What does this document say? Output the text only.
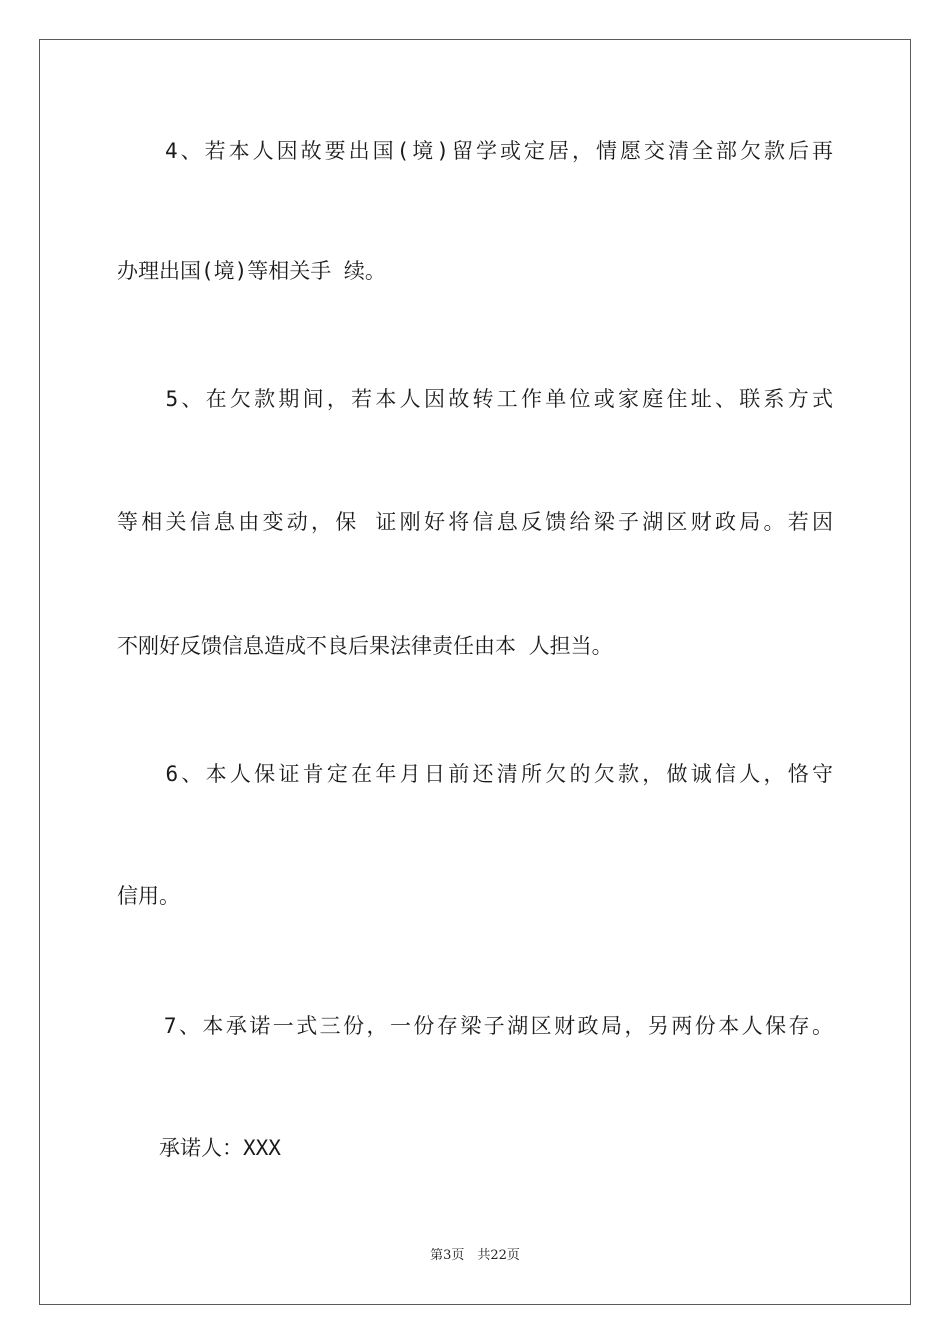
　　4、若本人因故要出国(境)留学或定居，情愿交清全部欠款后再
办理出国(境)等相关手 续。
　　5、在欠款期间，若本人因故转工作单位或家庭住址、联系方式
等相关信息由变动，保 证刚好将信息反馈给梁子湖区财政局。若因
不刚好反馈信息造成不良后果法律责任由本 人担当。
　　6、本人保证肯定在年月日前还清所欠的欠款，做诚信人，恪守
信用。
　　7、本承诺一式三份，一份存梁子湖区财政局，另两份本人保存。
　　承诺人：XXX
第3页　共22页
